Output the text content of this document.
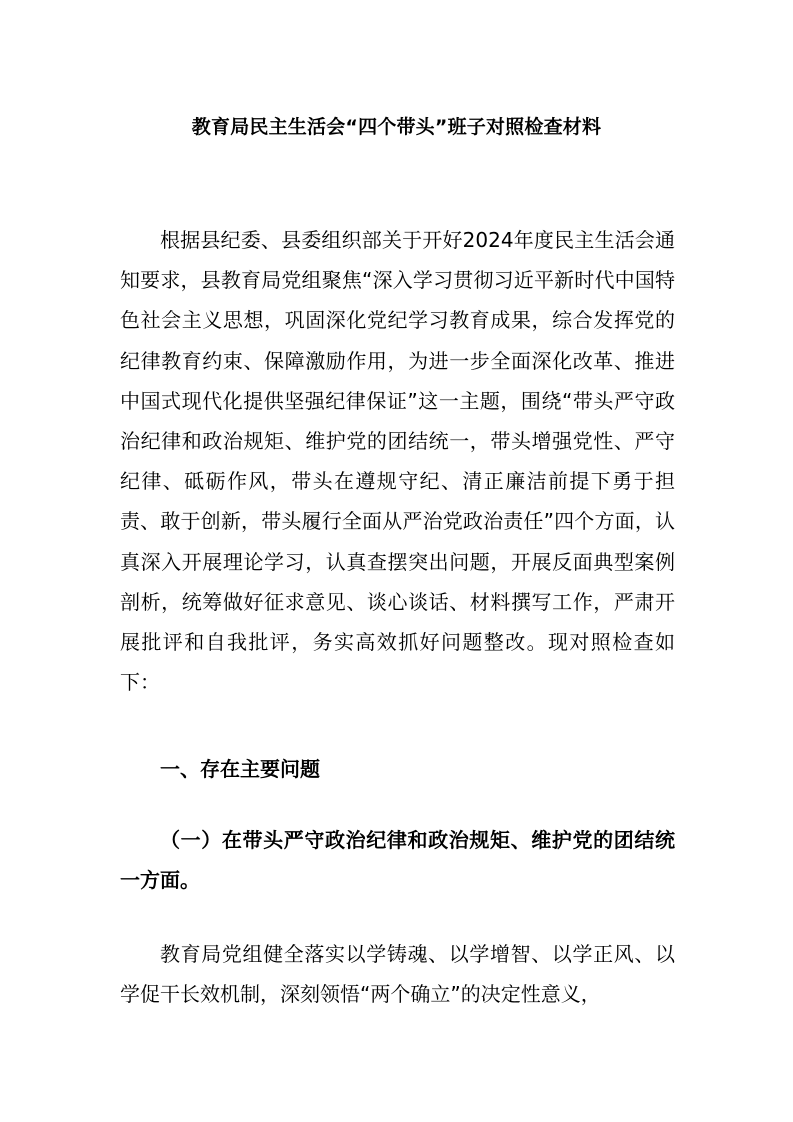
教育局民主生活会“四个带头”班子对照检查材料

根据县纪委、县委组织部关于开好2024年度民主生活会通知要求，县教育局党组聚焦“深入学习贯彻习近平新时代中国特色社会主义思想，巩固深化党纪学习教育成果，综合发挥党的纪律教育约束、保障激励作用，为进一步全面深化改革、推进中国式现代化提供坚强纪律保证”这一主题，围绕“带头严守政治纪律和政治规矩、维护党的团结统一，带头增强党性、严守纪律、砥砺作风，带头在遵规守纪、清正廉洁前提下勇于担责、敢于创新，带头履行全面从严治党政治责任”四个方面，认真深入开展理论学习，认真查摆突出问题，开展反面典型案例剖析，统筹做好征求意见、谈心谈话、材料撰写工作，严肃开展批评和自我批评，务实高效抓好问题整改。现对照检查如下：

一、存在主要问题

（一）在带头严守政治纪律和政治规矩、维护党的团结统一方面。

教育局党组健全落实以学铸魂、以学增智、以学正风、以学促干长效机制，深刻领悟“两个确立”的决定性意义，
